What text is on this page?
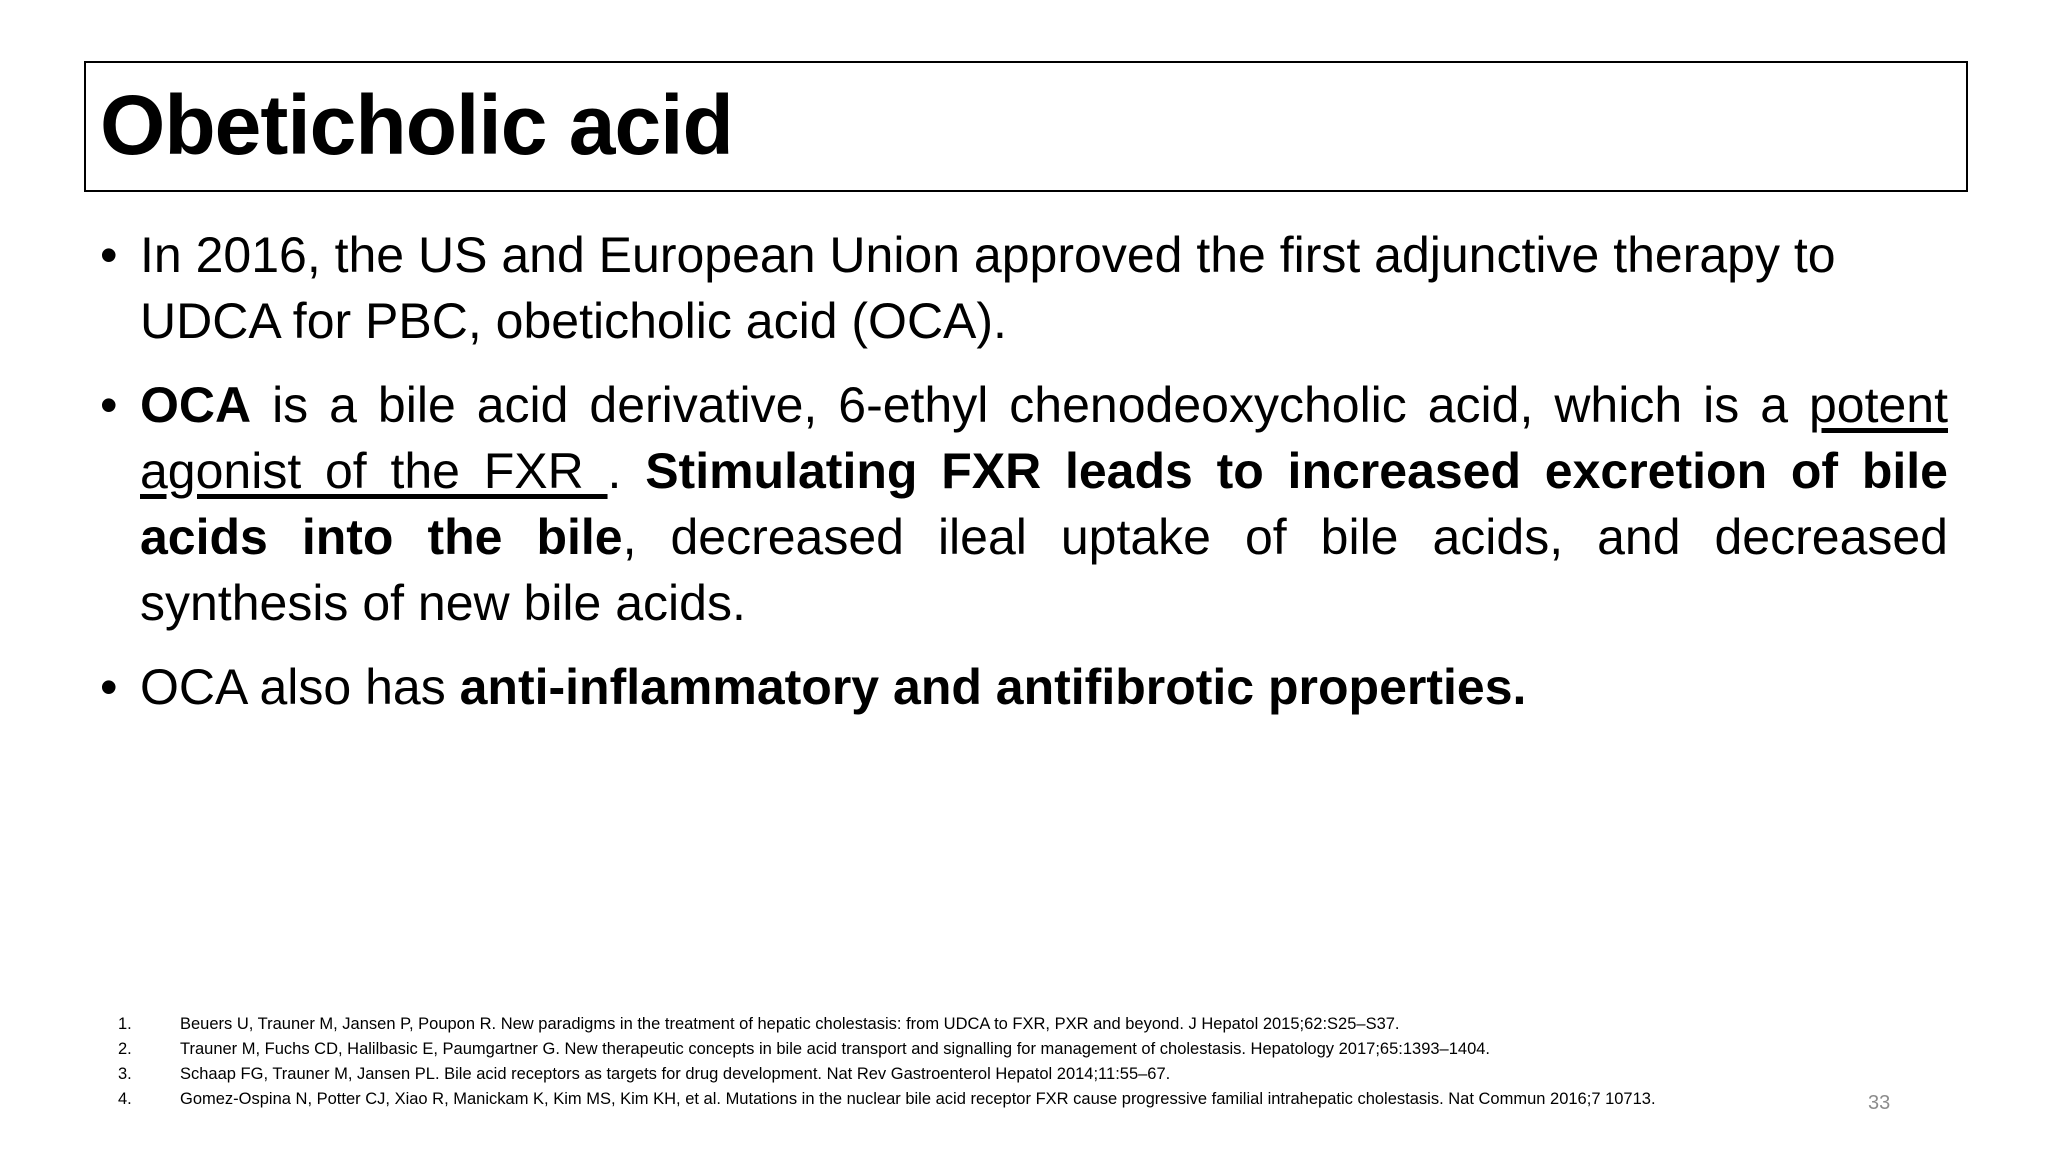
Obeticholic acid
• In 2016, the US and European Union approved the first adjunctive therapy to UDCA for PBC, obeticholic acid (OCA).
• OCA is a bile acid derivative, 6-ethyl chenodeoxycholic acid, which is a potent agonist of the FXR . Stimulating FXR leads to increased excretion of bile acids into the bile, decreased ileal uptake of bile acids, and decreased synthesis of new bile acids.
• OCA also has anti-inflammatory and antifibrotic properties.
1.	Beuers U, Trauner M, Jansen P, Poupon R. New paradigms in the treatment of hepatic cholestasis: from UDCA to FXR, PXR and beyond. J Hepatol 2015;62:S25–S37.
2.	Trauner M, Fuchs CD, Halilbasic E, Paumgartner G. New therapeutic concepts in bile acid transport and signalling for management of cholestasis. Hepatology 2017;65:1393–1404.
3.	Schaap FG, Trauner M, Jansen PL. Bile acid receptors as targets for drug development. Nat Rev Gastroenterol Hepatol 2014;11:55–67.
4.	Gomez-Ospina N, Potter CJ, Xiao R, Manickam K, Kim MS, Kim KH, et al. Mutations in the nuclear bile acid receptor FXR cause progressive familial intrahepatic cholestasis. Nat Commun 2016;7 10713.	33
